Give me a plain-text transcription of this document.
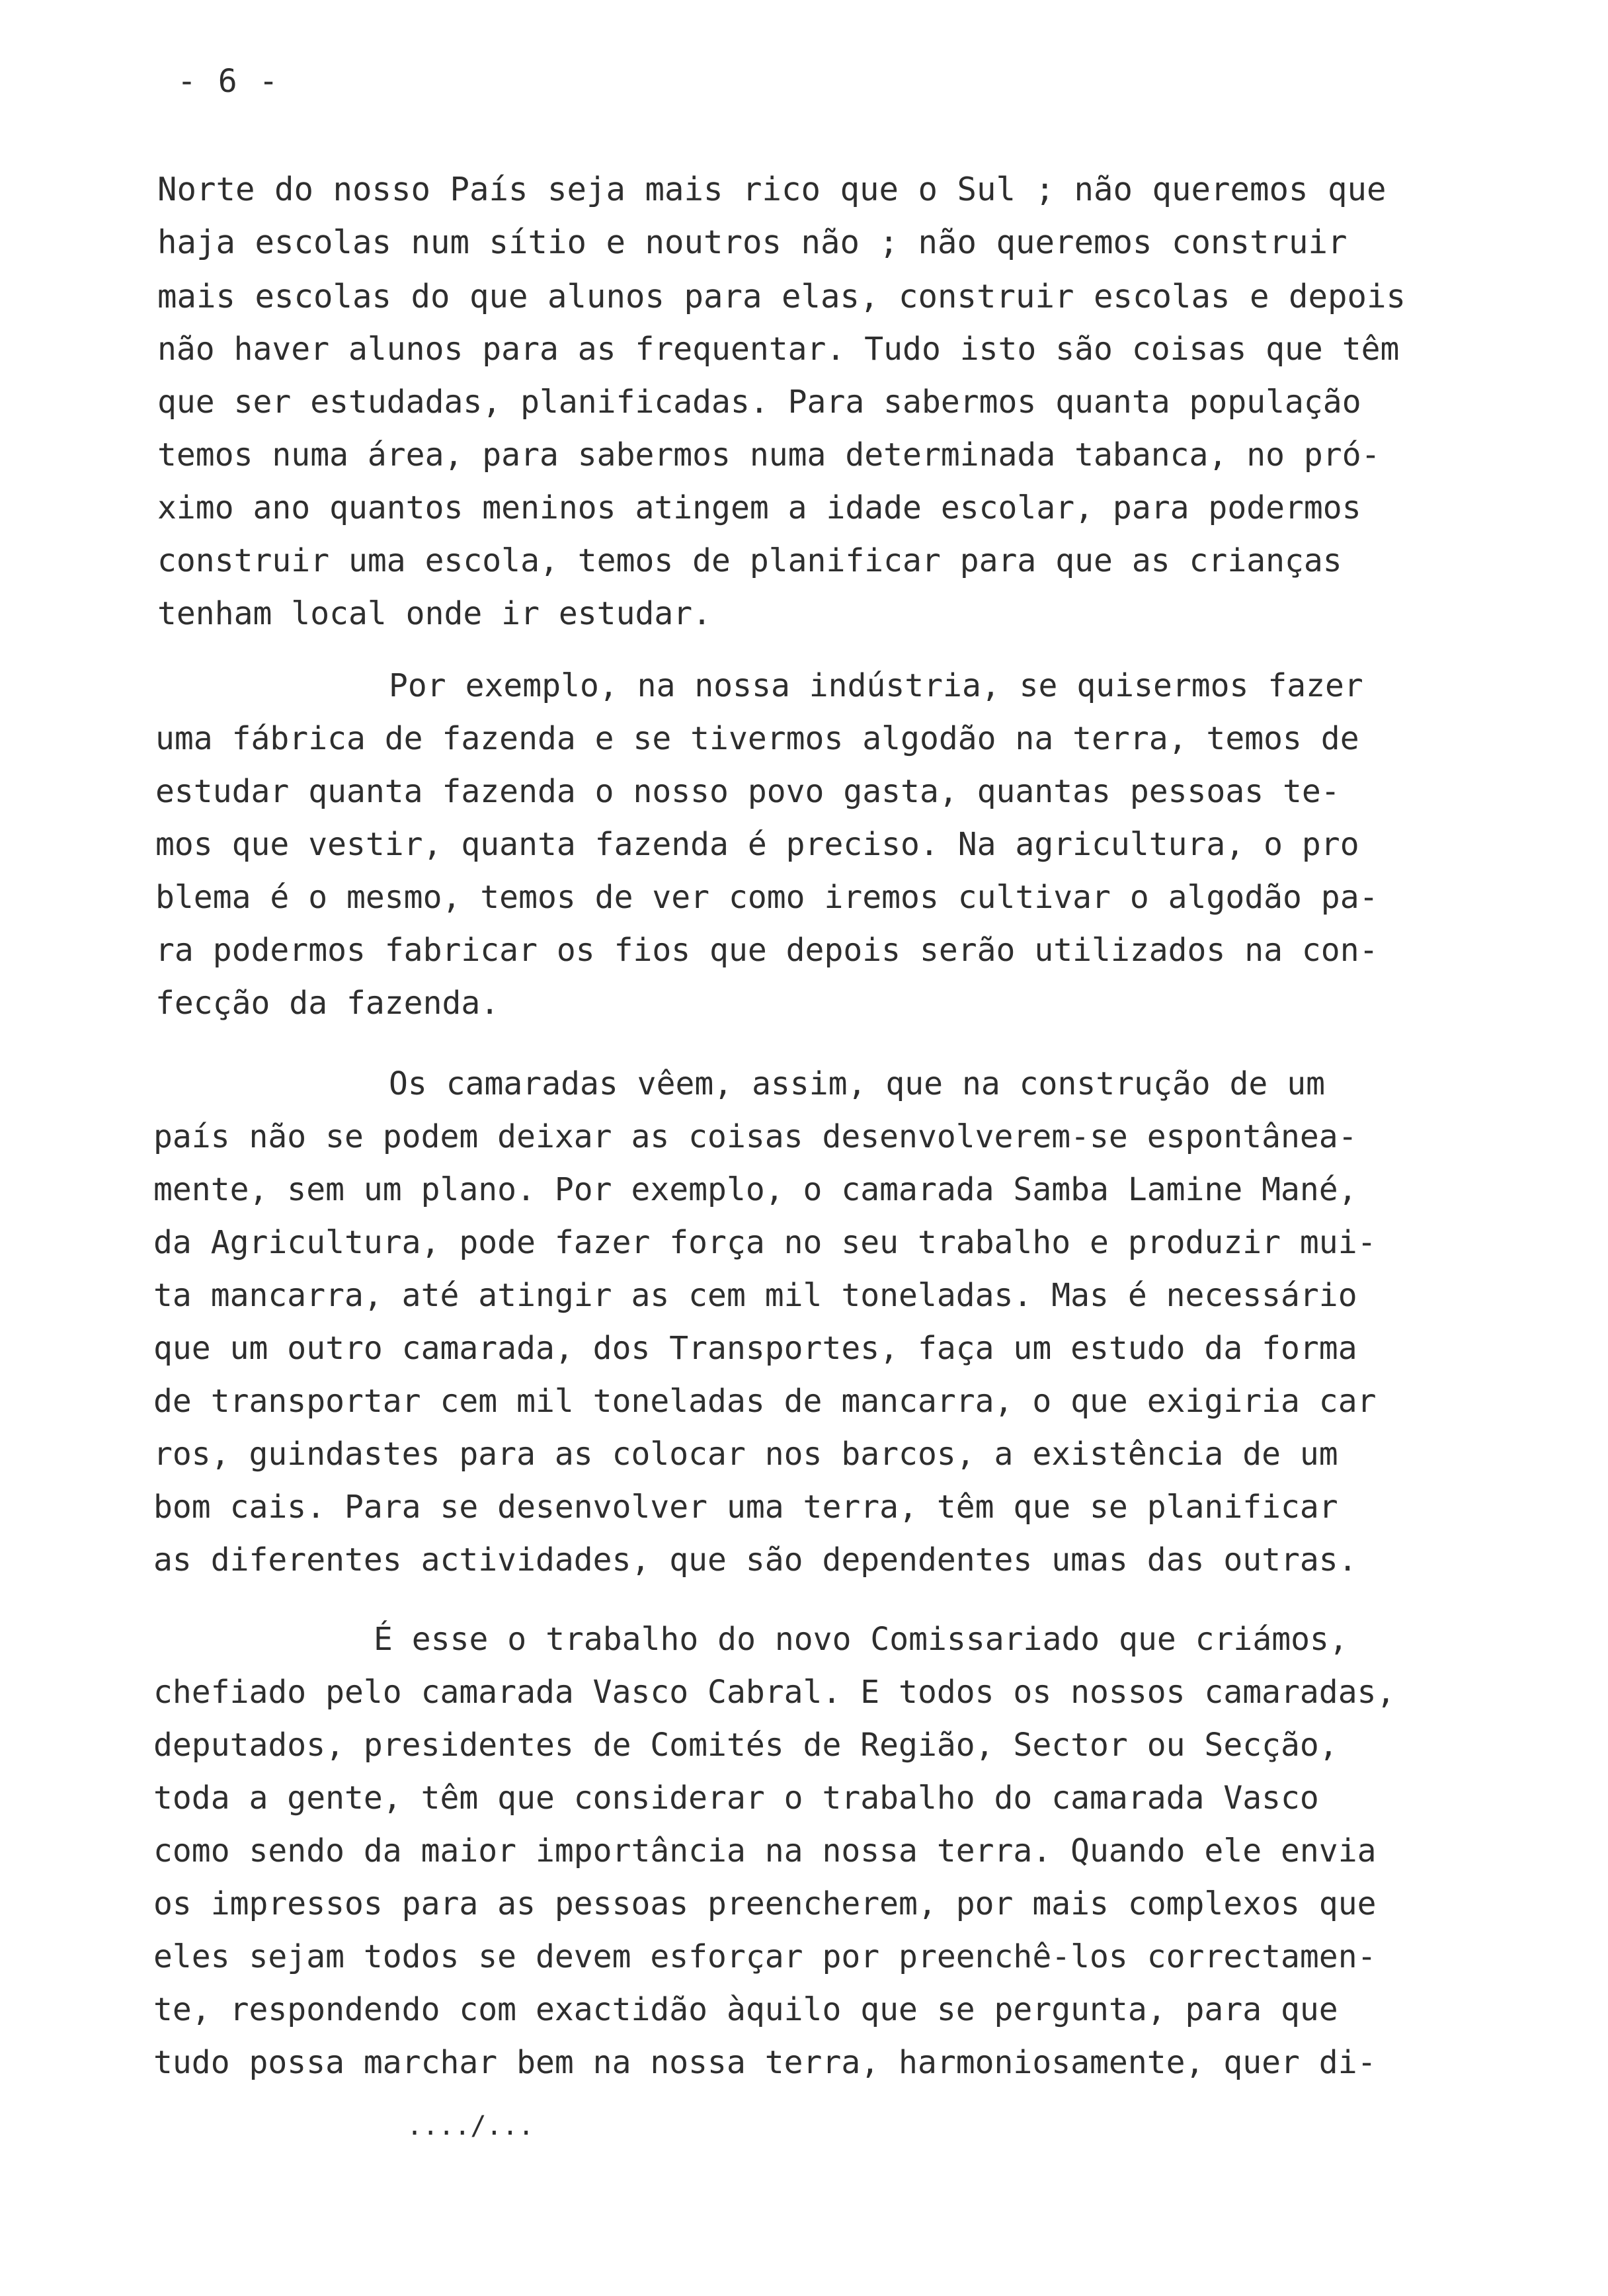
- 6 -
Norte do nosso País seja mais rico que o Sul ; não queremos que
haja escolas num sítio e noutros não ; não queremos construir
mais escolas do que alunos para elas, construir escolas e depois
não haver alunos para as frequentar. Tudo isto são coisas que têm
que ser estudadas, planificadas. Para sabermos quanta população
temos numa área, para sabermos numa determinada tabanca, no pró-
ximo ano quantos meninos atingem a idade escolar, para podermos
construir uma escola, temos de planificar para que as crianças
tenham local onde ir estudar.
Por exemplo, na nossa indústria, se quisermos fazer
uma fábrica de fazenda e se tivermos algodão na terra, temos de
estudar quanta fazenda o nosso povo gasta, quantas pessoas te-
mos que vestir, quanta fazenda é preciso. Na agricultura, o pro
blema é o mesmo, temos de ver como iremos cultivar o algodão pa-
ra podermos fabricar os fios que depois serão utilizados na con-
fecção da fazenda.
Os camaradas vêem, assim, que na construção de um
país não se podem deixar as coisas desenvolverem-se espontânea-
mente, sem um plano. Por exemplo, o camarada Samba Lamine Mané,
da Agricultura, pode fazer força no seu trabalho e produzir mui-
ta mancarra, até atingir as cem mil toneladas. Mas é necessário
que um outro camarada, dos Transportes, faça um estudo da forma
de transportar cem mil toneladas de mancarra, o que exigiria car
ros, guindastes para as colocar nos barcos, a existência de um
bom cais. Para se desenvolver uma terra, têm que se planificar
as diferentes actividades, que são dependentes umas das outras.
É esse o trabalho do novo Comissariado que criámos,
chefiado pelo camarada Vasco Cabral. E todos os nossos camaradas,
deputados, presidentes de Comités de Região, Sector ou Secção,
toda a gente, têm que considerar o trabalho do camarada Vasco
como sendo da maior importância na nossa terra. Quando ele envia
os impressos para as pessoas preencherem, por mais complexos que
eles sejam todos se devem esforçar por preenchê-los correctamen-
te, respondendo com exactidão àquilo que se pergunta, para que
tudo possa marchar bem na nossa terra, harmoniosamente, quer di-
..../...
